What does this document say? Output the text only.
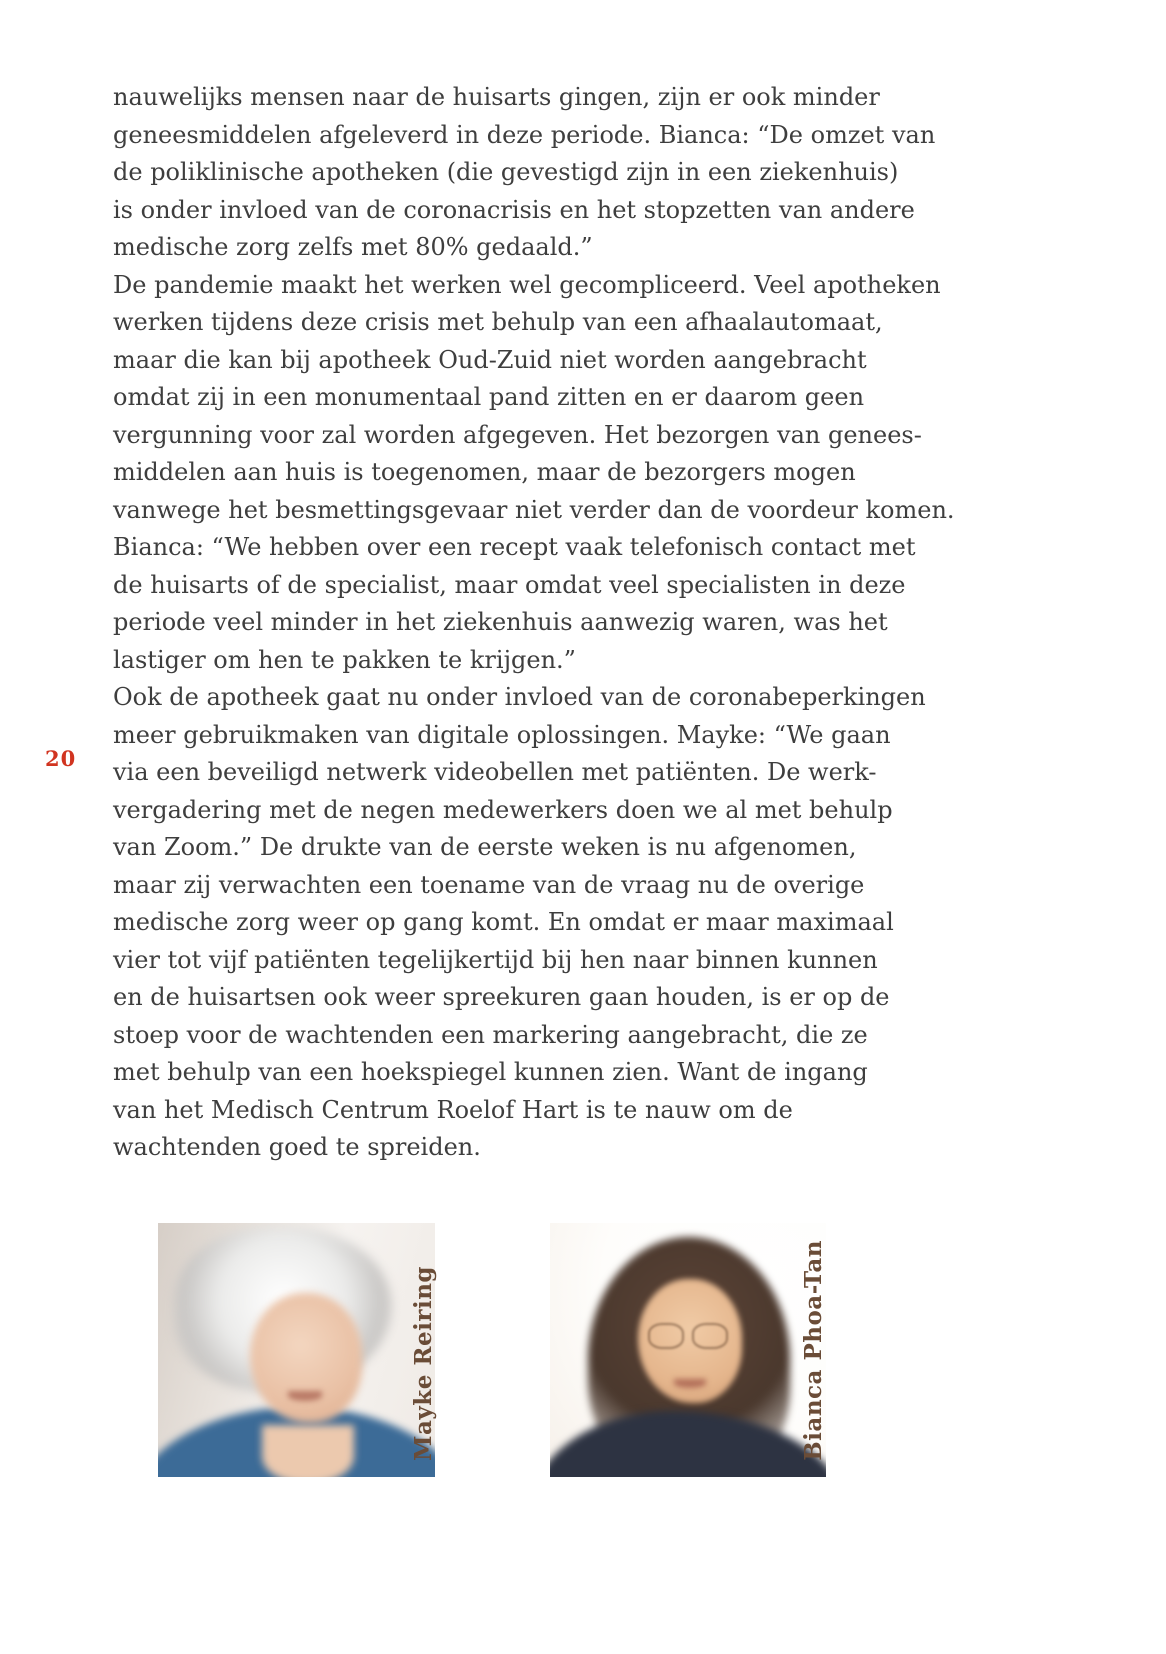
20
nauwelijks mensen naar de huisarts gingen, zijn er ook minder
geneesmiddelen afgeleverd in deze periode. Bianca: “De omzet van
de poliklinische apotheken (die gevestigd zijn in een ziekenhuis)
is onder invloed van de coronacrisis en het stopzetten van andere
medische zorg zelfs met 80% gedaald.”
De pandemie maakt het werken wel gecompliceerd. Veel apotheken
werken tijdens deze crisis met behulp van een afhaalautomaat,
maar die kan bij apotheek Oud-Zuid niet worden aangebracht
omdat zij in een monumentaal pand zitten en er daarom geen
vergunning voor zal worden afgegeven. Het bezorgen van genees-
middelen aan huis is toegenomen, maar de bezorgers mogen
vanwege het besmettingsgevaar niet verder dan de voordeur komen.
Bianca: “We hebben over een recept vaak telefonisch contact met
de huisarts of de specialist, maar omdat veel specialisten in deze
periode veel minder in het ziekenhuis aanwezig waren, was het
lastiger om hen te pakken te krijgen.”
Ook de apotheek gaat nu onder invloed van de coronabeperkingen
meer gebruikmaken van digitale oplossingen. Mayke: “We gaan
via een beveiligd netwerk videobellen met patiënten. De werk-
vergadering met de negen medewerkers doen we al met behulp
van Zoom.” De drukte van de eerste weken is nu afgenomen,
maar zij verwachten een toename van de vraag nu de overige
medische zorg weer op gang komt. En omdat er maar maximaal
vier tot vijf patiënten tegelijkertijd bij hen naar binnen kunnen
en de huisartsen ook weer spreekuren gaan houden, is er op de
stoep voor de wachtenden een markering aangebracht, die ze
met behulp van een hoekspiegel kunnen zien. Want de ingang
van het Medisch Centrum Roelof Hart is te nauw om de
wachtenden goed te spreiden.
Mayke Reiring	Bianca Phoa-Tan
